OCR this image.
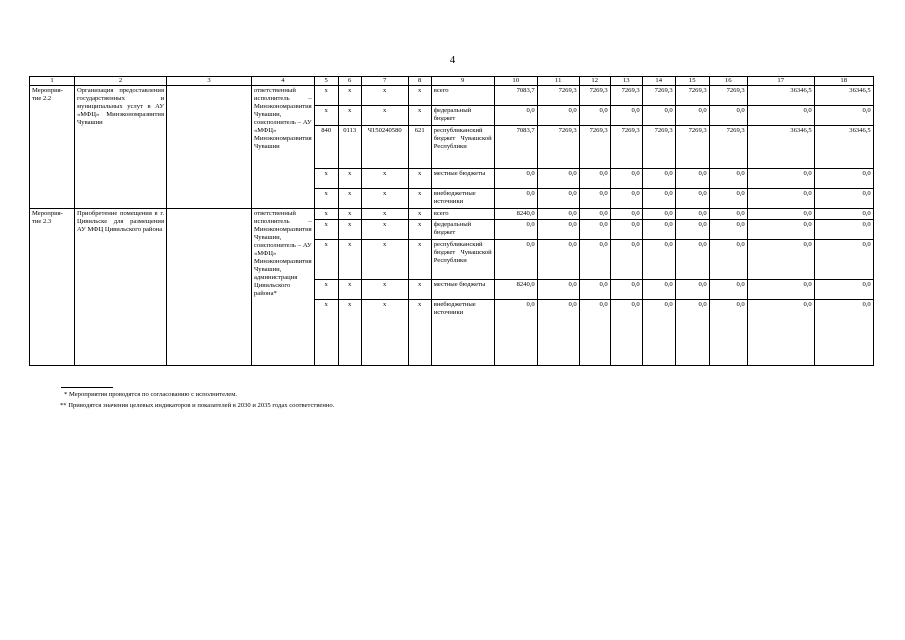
4
1	2	3	4	5	6	7	8	9	10	11	12	13	14	15	16	17	18
Мероприя-тие 2.2	Организация предоставления государственных и муниципальных услут в АУ «МФЦ» Минэкономразвития Чувашии		ответственный исполнитель – Минэкономразвития Чувашии, соисполнитель – АУ «МФЦ» Минэкономразвития Чувашии	x	x	x	x	всего	7083,7	7269,3	7269,3	7269,3	7269,3	7269,3	7269,3	36346,5	36346,5
				x	x	x	x	федеральный бюджет	0,0	0,0	0,0	0,0	0,0	0,0	0,0	0,0	0,0
				840	0113	Ч150240580	621	республиканский бюджет Чувашской Республики	7083,7	7269,3	7269,3	7269,3	7269,3	7269,3	7269,3	36346,5	36346,5
				x	x	x	x	местные бюджеты	0,0	0,0	0,0	0,0	0,0	0,0	0,0	0,0	0,0
				x	x	x	x	внебюджетные источники	0,0	0,0	0,0	0,0	0,0	0,0	0,0	0,0	0,0
Мероприя-тие 2.3	Приобретение помещения в г. Цивильске для размещения АУ МФЦ Цивильского района		ответственный исполнитель – Минэкономразвития Чувашии, соисполнитель – АУ «МФЦ» Минэкономразвития Чувашии, администрация Цивильского района*	x	x	x	x	всего	8240,0	0,0	0,0	0,0	0,0	0,0	0,0	0,0	0,0
				x	x	x	x	федеральный бюджет	0,0	0,0	0,0	0,0	0,0	0,0	0,0	0,0	0,0
				x	x	x	x	республиканский бюджет Чувашской Республики	0,0	0,0	0,0	0,0	0,0	0,0	0,0	0,0	0,0
				x	x	x	x	местные бюджеты	8240,0	0,0	0,0	0,0	0,0	0,0	0,0	0,0	0,0
				x	x	x	x	внебюджетные источники	0,0	0,0	0,0	0,0	0,0	0,0	0,0	0,0	0,0
* Мероприятия проводятся по согласованию с исполнителем.
** Приводятся значения целевых индикаторов и показателей в 2030 и 2035 годах соответственно.
